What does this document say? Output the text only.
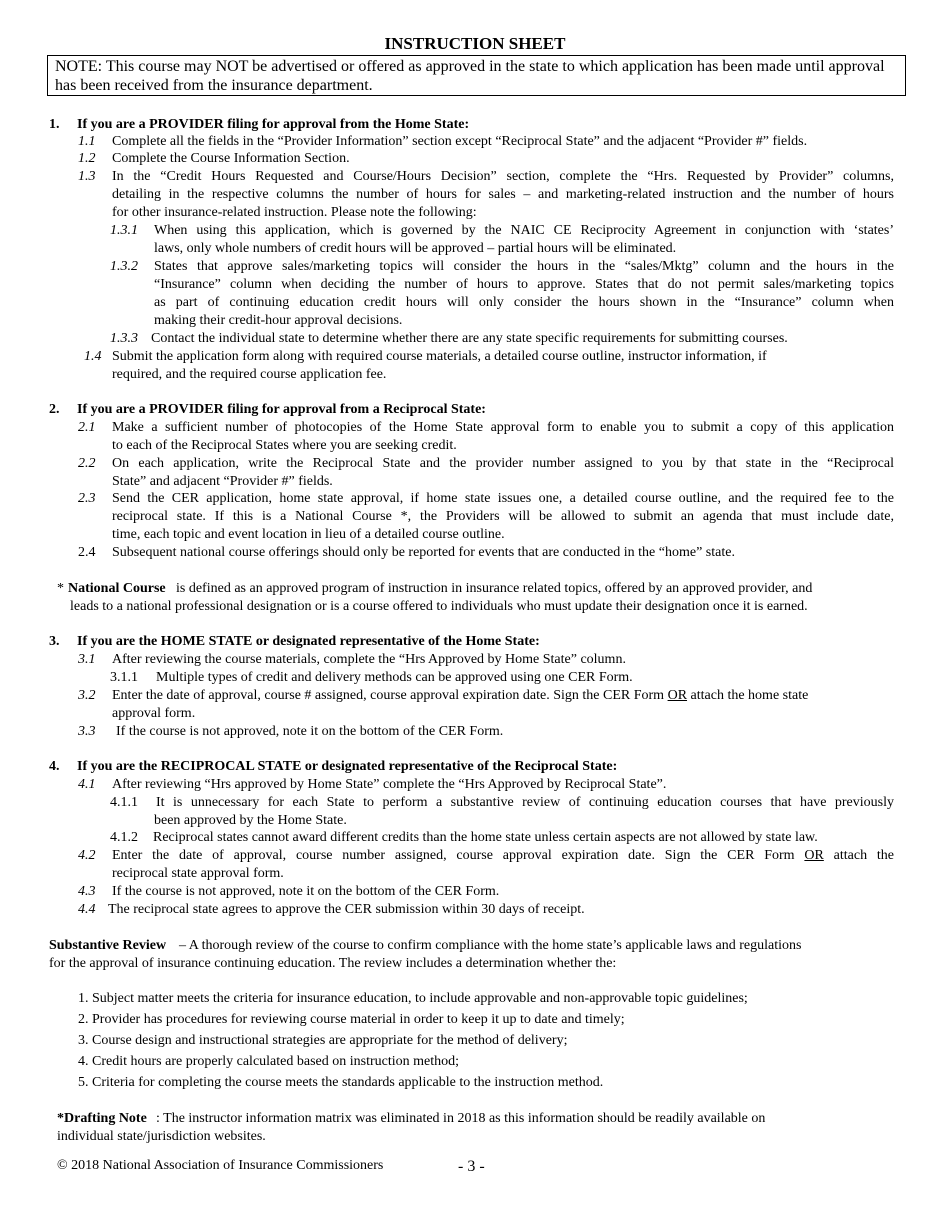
INSTRUCTION SHEET
NOTE: This course may NOT be advertised or offered as approved in the state to which application has been made until approval has been received from the insurance department.
1. If you are a PROVIDER filing for approval from the Home State:
1.1 Complete all the fields in the “Provider Information” section except “Reciprocal State” and the adjacent “Provider #” fields.
1.2 Complete the Course Information Section.
1.3 In the “Credit Hours Requested and Course/Hours Decision” section, complete the “Hrs. Requested by Provider” columns,
detailing in the respective columns the number of hours for sales – and marketing-related instruction and the number of hours
for other insurance-related instruction. Please note the following:
1.3.1 When using this application, which is governed by the NAIC CE Reciprocity Agreement in conjunction with ‘states’
laws, only whole numbers of credit hours will be approved – partial hours will be eliminated.
1.3.2 States that approve sales/marketing topics will consider the hours in the “sales/Mktg” column and the hours in the
“Insurance” column when deciding the number of hours to approve. States that do not permit sales/marketing topics
as part of continuing education credit hours will only consider the hours shown in the “Insurance” column when
making their credit-hour approval decisions.
1.3.3 Contact the individual state to determine whether there are any state specific requirements for submitting courses.
1.4 Submit the application form along with required course materials, a detailed course outline, instructor information, if
required, and the required course application fee.
2. If you are a PROVIDER filing for approval from a Reciprocal State:
2.1 Make a sufficient number of photocopies of the Home State approval form to enable you to submit a copy of this application
to each of the Reciprocal States where you are seeking credit.
2.2 On each application, write the Reciprocal State and the provider number assigned to you by that state in the “Reciprocal
State” and adjacent “Provider #” fields.
2.3 Send the CER application, home state approval, if home state issues one, a detailed course outline, and the required fee to the
reciprocal state. If this is a National Course *, the Providers will be allowed to submit an agenda that must include date,
time, each topic and event location in lieu of a detailed course outline.
2.4 Subsequent national course offerings should only be reported for events that are conducted in the “home” state.
* National Course is defined as an approved program of instruction in insurance related topics, offered by an approved provider, and
leads to a national professional designation or is a course offered to individuals who must update their designation once it is earned.
3. If you are the HOME STATE or designated representative of the Home State:
3.1 After reviewing the course materials, complete the “Hrs Approved by Home State” column.
3.1.1 Multiple types of credit and delivery methods can be approved using one CER Form.
3.2 Enter the date of approval, course # assigned, course approval expiration date. Sign the CER Form OR attach the home state
approval form.
3.3 If the course is not approved, note it on the bottom of the CER Form.
4. If you are the RECIPROCAL STATE or designated representative of the Reciprocal State:
4.1 After reviewing “Hrs approved by Home State” complete the “Hrs Approved by Reciprocal State”.
4.1.1 It is unnecessary for each State to perform a substantive review of continuing education courses that have previously
been approved by the Home State.
4.1.2 Reciprocal states cannot award different credits than the home state unless certain aspects are not allowed by state law.
4.2 Enter the date of approval, course number assigned, course approval expiration date. Sign the CER Form OR attach the
reciprocal state approval form.
4.3 If the course is not approved, note it on the bottom of the CER Form.
4.4 The reciprocal state agrees to approve the CER submission within 30 days of receipt.
Substantive Review – A thorough review of the course to confirm compliance with the home state’s applicable laws and regulations
for the approval of insurance continuing education. The review includes a determination whether the:
1. Subject matter meets the criteria for insurance education, to include approvable and non-approvable topic guidelines;
2. Provider has procedures for reviewing course material in order to keep it up to date and timely;
3. Course design and instructional strategies are appropriate for the method of delivery;
4. Credit hours are properly calculated based on instruction method;
5. Criteria for completing the course meets the standards applicable to the instruction method.
*Drafting Note : The instructor information matrix was eliminated in 2018 as this information should be readily available on
individual state/jurisdiction websites.
© 2018 National Association of Insurance Commissioners	- 3 -
